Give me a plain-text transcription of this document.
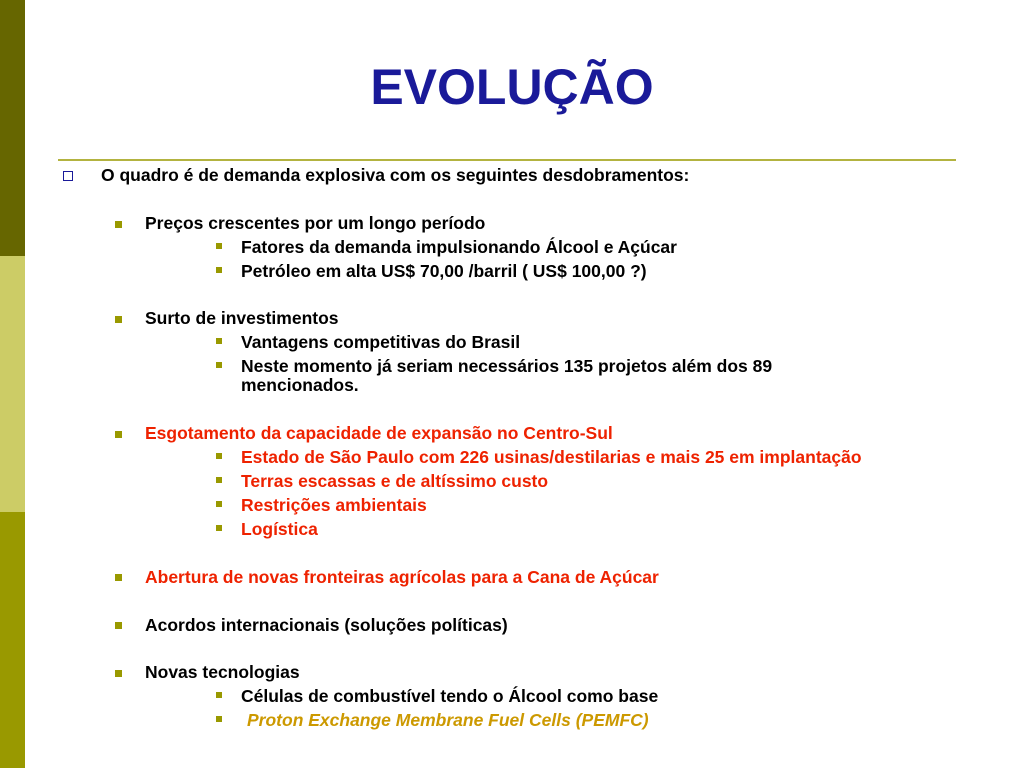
EVOLUÇÃO
O quadro é de demanda explosiva com os seguintes desdobramentos:
Preços crescentes por um longo período
Fatores da demanda impulsionando Álcool e Açúcar
Petróleo em alta US$ 70,00 /barril ( US$ 100,00 ?)
Surto de investimentos
Vantagens competitivas do Brasil
Neste momento já seriam necessários 135 projetos além dos 89
mencionados.
Esgotamento da capacidade de expansão no Centro-Sul
Estado de São Paulo com 226 usinas/destilarias e mais 25 em implantação
Terras escassas e de altíssimo custo
Restrições ambientais
Logística
Abertura de novas fronteiras agrícolas para a Cana de Açúcar
Acordos internacionais (soluções políticas)
Novas tecnologias
Células de combustível tendo o Álcool como base
Proton Exchange Membrane Fuel Cells (PEMFC)
